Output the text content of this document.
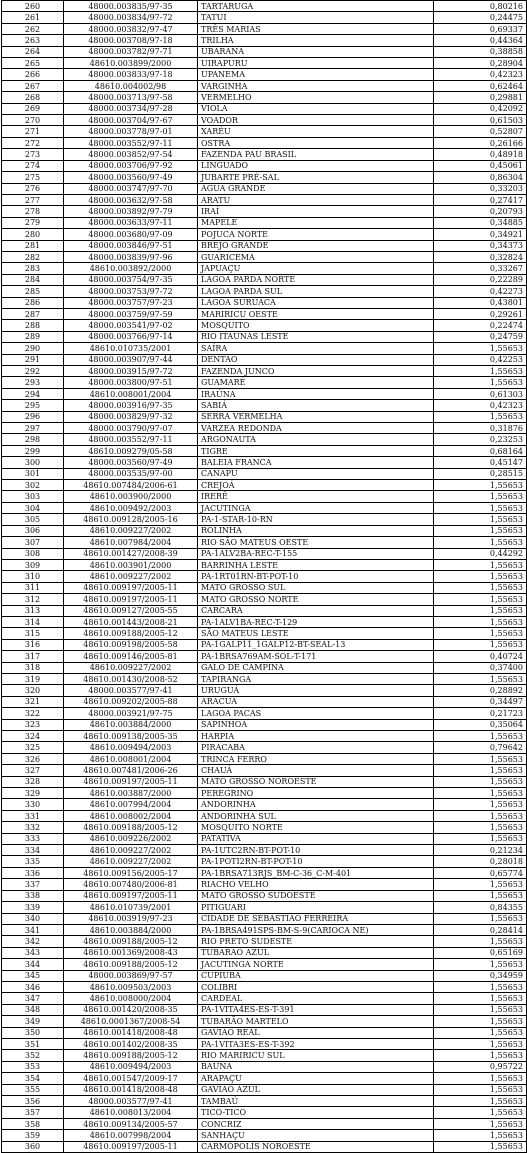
260	48000.003835/97-35	TARTARUGA	0,80216
261	48000.003834/97-72	TATUI	0,24475
262	48000.003832/97-47	TRÊS MARIAS	0,69337
263	48000.003708/97-18	TRILHA	0,44364
264	48000.003782/97-71	UBARANA	0,38858
265	48610.003899/2000	UIRAPURU	0,28904
266	48000.003833/97-18	UPANEMA	0,42323
267	48610.004002/98	VARGINHA	0,62464
268	48000.003713/97-58	VERMELHO	0,29881
269	48000.003734/97-28	VIOLA	0,42092
270	48000.003704/97-67	VOADOR	0,61503
271	48000.003778/97-01	XARÉU	0,52807
272	48000.003552/97-11	OSTRA	0,26166
273	48000.003852/97-54	FAZENDA PAU BRASIL	0,48918
274	48000.003706/97-92	LINGUADO	0,45061
275	48000.003560/97-49	JUBARTE PRÉ-SAL	0,86304
276	48000.003747/97-70	ÁGUA GRANDE	0,33203
277	48000.003632/97-58	ARATU	0,27417
278	48000.003892/97-79	IRAÍ	0,20793
279	48000.003633/97-11	MAPELE	0,34885
280	48000.003680/97-09	POJUCA NORTE	0,34921
281	48000.003846/97-51	BREJO GRANDE	0,34373
282	48000.003839/97-96	GUARICEMA	0,32824
283	48610.003892/2000	JAPUAÇU	0,33267
284	48000.003754/97-35	LAGOA PARDA NORTE	0,22289
285	48000.003753/97-72	LAGOA PARDA SUL	0,42273
286	48000.003757/97-23	LAGOA SURUACA	0,43801
287	48000.003759/97-59	MARIRICU OESTE	0,29261
288	48000.003541/97-02	MOSQUITO	0,22474
289	48000.003766/97-14	RIO ITAÚNAS LESTE	0,24759
290	48610.010735/2001	SAÍRA	1,55653
291	48000.003907/97-44	DENTÃO	0,42253
292	48000.003915/97-72	FAZENDA JUNCO	1,55653
293	48000.003800/97-51	GUAMARÉ	1,55653
294	48610.008001/2004	IRAÚNA	0,61303
295	48000.003916/97-35	SABIÁ	0,42323
296	48000.003829/97-32	SERRA VERMELHA	1,55653
297	48000.003790/97-07	VÁRZEA REDONDA	0,31876
298	48000.003552/97-11	ARGONAUTA	0,23253
299	48610.009279/05-58	TIGRE	0,68164
300	48000.003560/97-49	BALEIA FRANCA	0,45147
301	48000.003535/97-00	CANAPU	0,28515
302	48610.007484/2006-61	CREJOÁ	1,55653
303	48610.003900/2000	IRERÊ	1,55653
304	48610.009492/2003	JACUTINGA	1,55653
305	48610.009128/2005-16	PA-1-STAR-10-RN	1,55653
306	48610.009227/2002	ROLINHA	1,55653
307	48610.007984/2004	RIO SÃO MATEUS OESTE	1,55653
308	48610.001427/2008-39	PA-1ALV2BA-REC-T-155	0,44292
309	48610.003901/2000	BARRINHA LESTE	1,55653
310	48610.009227/2002	PA-1RT01RN-BT-POT-10	1,55653
311	48610.009197/2005-11	MATO GROSSO SUL	1,55653
312	48610.009197/2005-11	MATO GROSSO NORTE	1,55653
313	48610.009127/2005-55	CARCARÁ	1,55653
314	48610.001443/2008-21	PA-1ALV1BA-REC-T-129	1,55653
315	48610.009188/2005-12	SÃO MATEUS LESTE	1,55653
316	48610.009198/2005-58	PA-1GALP11_1GALP12-BT-SEAL-13	1,55653
317	48610.009146/2005-81	PA-1BRSA769AM-SOL-T-171	0,40724
318	48610.009227/2002	GALO DE CAMPINA	0,37400
319	48610.001430/2008-52	TAPIRANGA	1,55653
320	48000.003577/97-41	URUGUÁ	0,28892
321	48610.009202/2005-88	ARACUÃ	0,34497
322	48000.003921/97-75	LAGOA PACAS	0,21723
323	48610.003884/2000	SAPINHOÁ	0,35064
324	48610.009138/2005-35	HARPIA	1,55653
325	48610.009494/2003	PIRACABA	0,79642
326	48610.008001/2004	TRINCA FERRO	1,55653
327	48610.007481/2006-26	CHAUÁ	1,55653
328	48610.009197/2005-11	MATO GROSSO NOROESTE	1,55653
329	48610.003887/2000	PEREGRINO	1,55653
330	48610.007994/2004	ANDORINHA	1,55653
331	48610.008002/2004	ANDORINHA SUL	1,55653
332	48610.009188/2005-12	MOSQUITO NORTE	1,55653
333	48610.009226/2002	PATATIVA	1,55653
334	48610.009227/2002	PA-1UTC2RN-BT-POT-10	0,21234
335	48610.009227/2002	PA-1POTI2RN-BT-POT-10	0,28018
336	48610.009156/2005-17	PA-1BRSA713RJS_BM-C-36_C-M-401	0,65774
337	48610.007480/2006-81	RIACHO VELHO	1,55653
338	48610.009197/2005-11	MATO GROSSO SUDOESTE	1,55653
339	48610.010739/2001	PITIGUARI	0,84355
340	48610.003919/97-23	CIDADE DE SEBASTIÃO FERREIRA	1,55653
341	48610.003884/2000	PA-1BRSA491SPS-BM-S-9(CARIOCA NE)	0,28414
342	48610.009188/2005-12	RIO PRETO SUDESTE	1,55653
343	48610.001369/2008-43	TUBARÃO AZUL	0,65169
344	48610.009188/2005-12	JACUTINGA NORTE	1,55653
345	48000.003869/97-57	CUPIÚBA	0,34959
346	48610.009503/2003	COLIBRI	1,55653
347	48610.008000/2004	CARDEAL	1,55653
348	48610.001420/2008-35	PA-1VITA4ES-ES-T-391	1,55653
349	48610.0001367/2008-54	TUBARÃO MARTELO	1,55653
350	48610.001418/2008-48	GAVIÃO REAL	1,55653
351	48610.001402/2008-35	PA-1VITA3ES-ES-T-392	1,55653
352	48610.009188/2005-12	RIO MARIRICU SUL	1,55653
353	48610.009494/2003	BAÚNA	0,95722
354	48610.001547/2009-17	ARAPAÇU	1,55653
355	48610.001418/2008-48	GAVIÃO AZUL	1,55653
356	48000.003577/97-41	TAMBAÚ	1,55653
357	48610.008013/2004	TICO-TICO	1,55653
358	48610.009134/2005-57	CONCRIZ	1,55653
359	48610.007998/2004	SANHAÇU	1,55653
360	48610.009197/2005-11	CARMÓPOLIS NOROESTE	1,55653
